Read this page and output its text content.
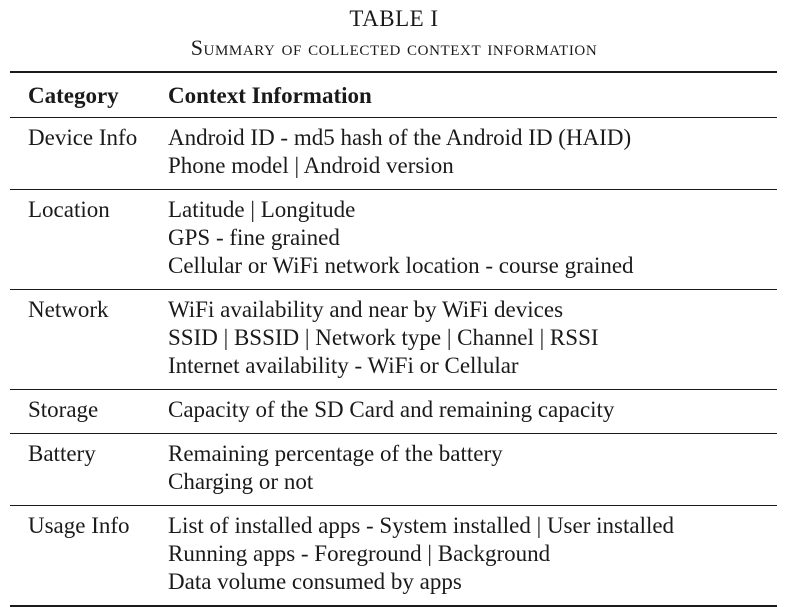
TABLE I
Summary of collected context information
Category	Context Information
Device Info	Android ID - md5 hash of the Android ID (HAID)
Phone model | Android version
Location	Latitude | Longitude
GPS - fine grained
Cellular or WiFi network location - course grained
Network	WiFi availability and near by WiFi devices
SSID | BSSID | Network type | Channel | RSSI
Internet availability - WiFi or Cellular
Storage	Capacity of the SD Card and remaining capacity
Battery	Remaining percentage of the battery
Charging or not
Usage Info	List of installed apps - System installed | User installed
Running apps - Foreground | Background
Data volume consumed by apps
